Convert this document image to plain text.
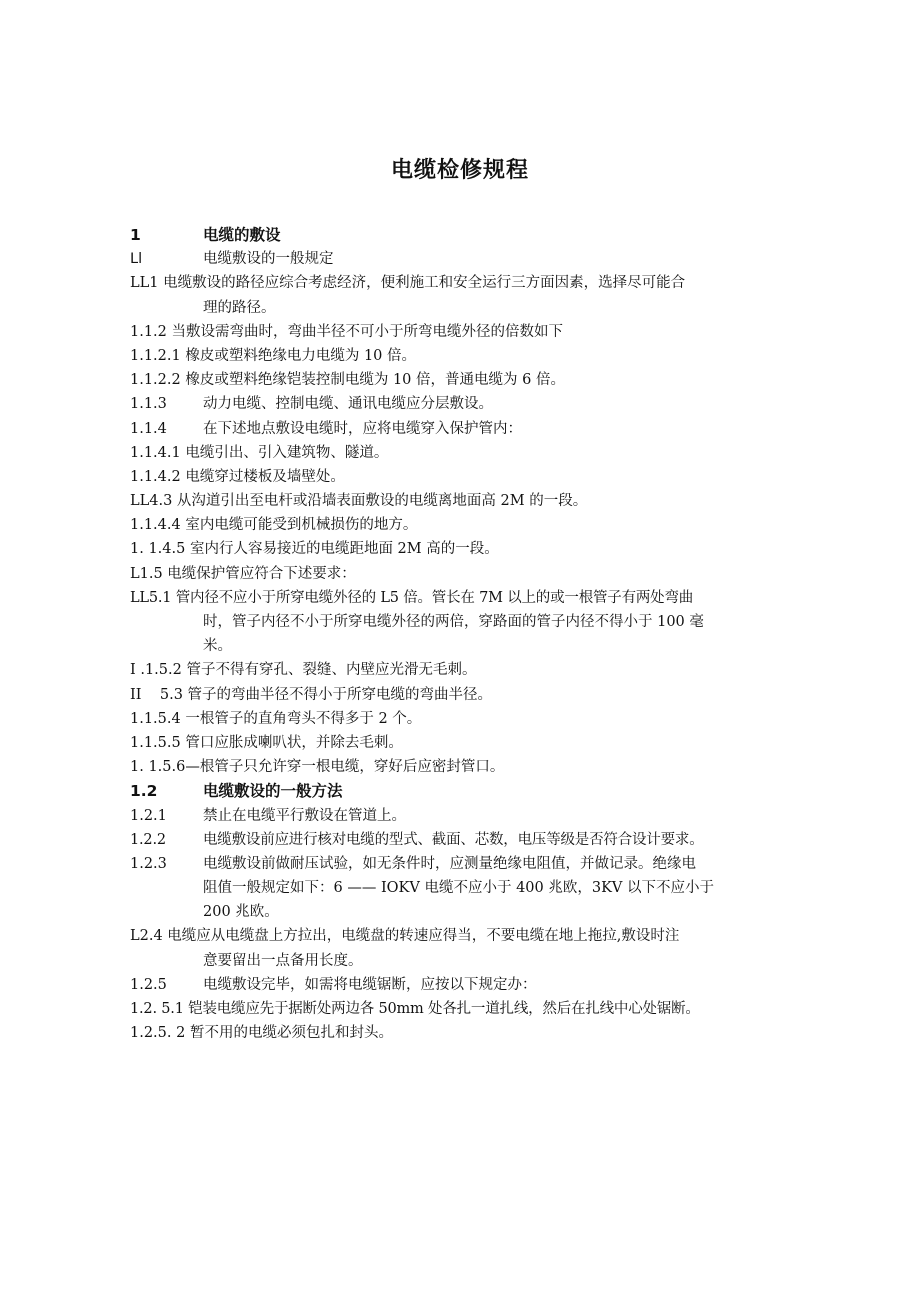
电缆检修规程
1	电缆的敷设
Ll	电缆敷设的一般规定
LL1 电缆敷设的路径应综合考虑经济，便利施工和安全运行三方面因素，选择尽可能合
理的路径。
1.1.2 当敷设需弯曲时，弯曲半径不可小于所弯电缆外径的倍数如下
1.1.2.1 橡皮或塑料绝缘电力电缆为 10 倍。
1.1.2.2 橡皮或塑料绝缘铠装控制电缆为 10 倍，普通电缆为 6 倍。
1.1.3 动力电缆、控制电缆、通讯电缆应分层敷设。
1.1.4 在下述地点敷设电缆时，应将电缆穿入保护管内：
1.1.4.1 电缆引出、引入建筑物、隧道。
1.1.4.2 电缆穿过楼板及墙壁处。
LL4.3 从沟道引出至电杆或沿墙表面敷设的电缆离地面高 2M 的一段。
1.1.4.4 室内电缆可能受到机械损伤的地方。
1. 1.4.5 室内行人容易接近的电缆距地面 2M 高的一段。
L1.5 电缆保护管应符合下述要求：
LL5.1 管内径不应小于所穿电缆外径的 L5 倍。管长在 7M 以上的或一根管子有两处弯曲
时，管子内径不小于所穿电缆外径的两倍，穿路面的管子内径不得小于 100 毫
米。
I .1.5.2 管子不得有穿孔、裂缝、内壁应光滑无毛刺。
II    5.3 管子的弯曲半径不得小于所穿电缆的弯曲半径。
1.1.5.4 一根管子的直角弯头不得多于 2 个。
1.1.5.5 管口应胀成喇叭状，并除去毛刺。
1. 1.5.6—根管子只允许穿一根电缆，穿好后应密封管口。
1.2	电缆敷设的一般方法
1.2.1 禁止在电缆平行敷设在管道上。
1.2.2	电缆敷设前应进行核对电缆的型式、截面、芯数，电压等级是否符合设计要求。
1.2.3 电缆敷设前做耐压试验，如无条件时，应测量绝缘电阻值，并做记录。绝缘电
阻值一般规定如下：6 —— IOKV 电缆不应小于 400 兆欧，3KV 以下不应小于
200 兆欧。
L2.4 电缆应从电缆盘上方拉出，电缆盘的转速应得当，不要电缆在地上拖拉,敷设时注
意要留出一点备用长度。
1.2.5 电缆敷设完毕，如需将电缆锯断，应按以下规定办：
1.2. 5.1 铠装电缆应先于据断处两边各 50mm 处各扎一道扎线，然后在扎线中心处锯断。
1.2.5. 2 暂不用的电缆必须包扎和封头。
